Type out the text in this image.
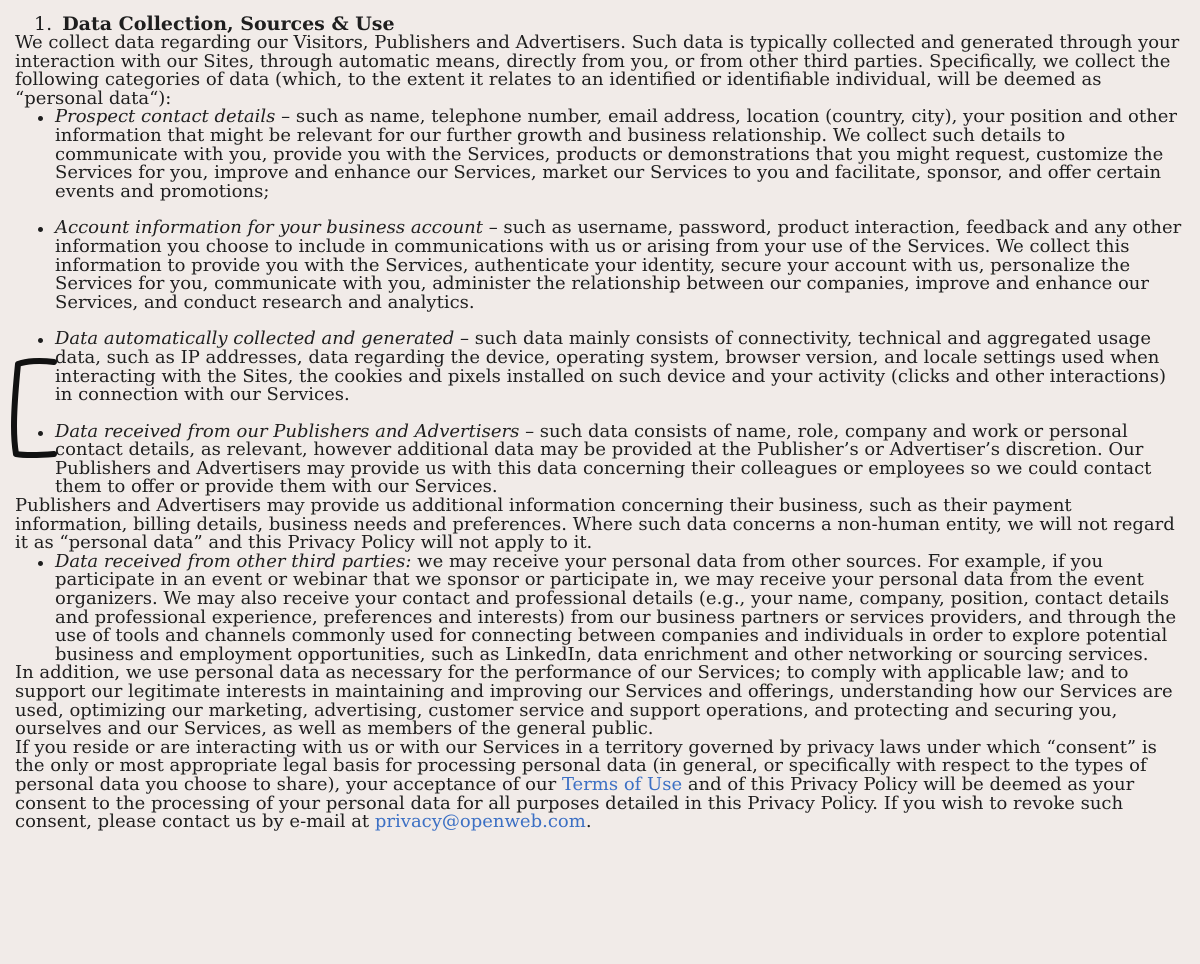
1. Data Collection, Sources & Use

We collect data regarding our Visitors, Publishers and Advertisers. Such data is typically collected and generated through your interaction with our Sites, through automatic means, directly from you, or from other third parties. Specifically, we collect the following categories of data (which, to the extent it relates to an identified or identifiable individual, will be deemed as “personal data“):

Prospect contact details – such as name, telephone number, email address, location (country, city), your position and other information that might be relevant for our further growth and business relationship. We collect such details to communicate with you, provide you with the Services, products or demonstrations that you might request, customize the Services for you, improve and enhance our Services, market our Services to you and facilitate, sponsor, and offer certain events and promotions;
Account information for your business account – such as username, password, product interaction, feedback and any other information you choose to include in communications with us or arising from your use of the Services. We collect this information to provide you with the Services, authenticate your identity, secure your account with us, personalize the Services for you, communicate with you, administer the relationship between our companies, improve and enhance our Services, and conduct research and analytics.
Data automatically collected and generated – such data mainly consists of connectivity, technical and aggregated usage data, such as IP addresses, data regarding the device, operating system, browser version, and locale settings used when interacting with the Sites, the cookies and pixels installed on such device and your activity (clicks and other interactions) in connection with our Services.
Data received from our Publishers and Advertisers – such data consists of name, role, company and work or personal contact details, as relevant, however additional data may be provided at the Publisher’s or Advertiser’s discretion. Our Publishers and Advertisers may provide us with this data concerning their colleagues or employees so we could contact them to offer or provide them with our Services.

Publishers and Advertisers may provide us additional information concerning their business, such as their payment information, billing details, business needs and preferences. Where such data concerns a non-human entity, we will not regard it as “personal data” and this Privacy Policy will not apply to it.

Data received from other third parties: we may receive your personal data from other sources. For example, if you participate in an event or webinar that we sponsor or participate in, we may receive your personal data from the event organizers. We may also receive your contact and professional details (e.g., your name, company, position, contact details and professional experience, preferences and interests) from our business partners or services providers, and through the use of tools and channels commonly used for connecting between companies and individuals in order to explore potential business and employment opportunities, such as LinkedIn, data enrichment and other networking or sourcing services.

In addition, we use personal data as necessary for the performance of our Services; to comply with applicable law; and to support our legitimate interests in maintaining and improving our Services and offerings, understanding how our Services are used, optimizing our marketing, advertising, customer service and support operations, and protecting and securing you, ourselves and our Services, as well as members of the general public.

If you reside or are interacting with us or with our Services in a territory governed by privacy laws under which “consent” is the only or most appropriate legal basis for processing personal data (in general, or specifically with respect to the types of personal data you choose to share), your acceptance of our Terms of Use and of this Privacy Policy will be deemed as your consent to the processing of your personal data for all purposes detailed in this Privacy Policy. If you wish to revoke such consent, please contact us by e-mail at privacy@openweb.com.
